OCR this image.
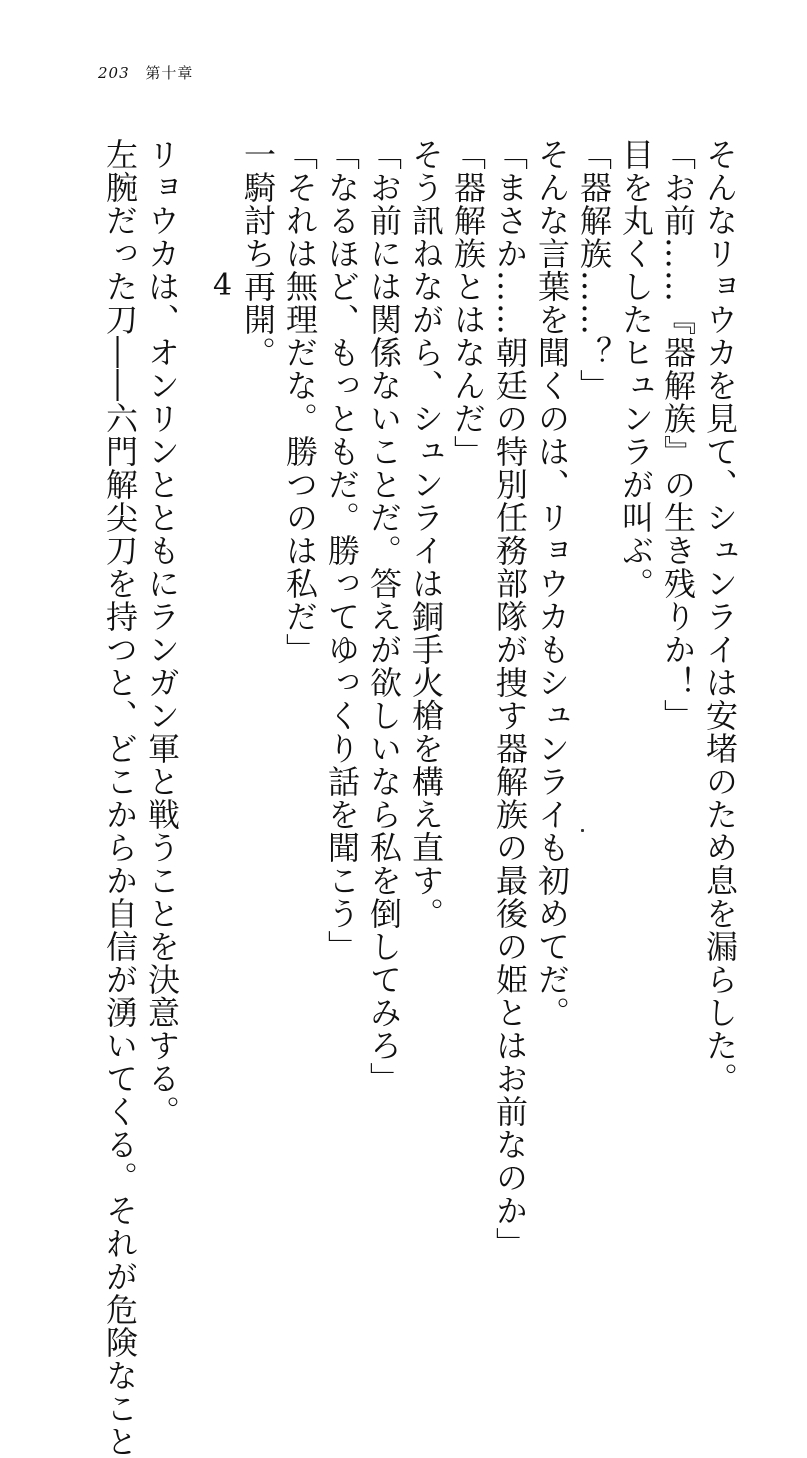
203 第十章
そんなリョウカを見て、シュンライは安堵のため息を漏らした。
「お前……『器解族』の生き残りか！」
目を丸くしたヒュンラが叫ぶ。
「器解族……？」
そんな言葉を聞くのは、リョウカもシュンライも初めてだ。
「まさか……朝廷の特別任務部隊が捜す器解族の最後の姫とはお前なのか」
「器解族とはなんだ」
そう訊ねながら、シュンライは銅手火槍を構え直す。
「お前には関係ないことだ。答えが欲しいなら私を倒してみろ」
「なるほど、もっともだ。勝ってゆっくり話を聞こう」
「それは無理だな。勝つのは私だ」
一騎討ち再開。
4
リョウカは、オンリンとともにランガン軍と戦うことを決意する。
左腕だった刀――六門解尖刀を持つと、どこからか自信が湧いてくる。それが危険なこと
